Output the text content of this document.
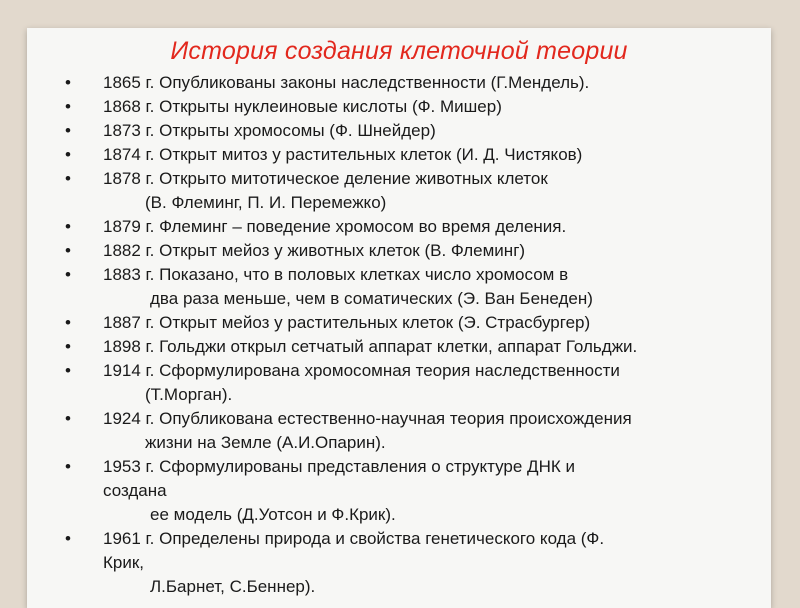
История создания клеточной теории
• 1865 г. Опубликованы законы наследственности (Г.Мендель).
• 1868 г. Открыты нуклеиновые кислоты (Ф. Мишер)
• 1873 г. Открыты хромосомы (Ф. Шнейдер)
• 1874 г. Открыт митоз у растительных клеток (И. Д. Чистяков)
• 1878 г. Открыто митотическое деление животных клеток
(В. Флеминг, П. И. Перемежко)
• 1879 г. Флеминг – поведение хромосом во время деления.
• 1882 г. Открыт мейоз у животных клеток (В. Флеминг)
• 1883 г. Показано, что в половых клетках число хромосом в
два раза меньше, чем в соматических (Э. Ван Бенеден)
• 1887 г. Открыт мейоз у растительных клеток (Э. Страсбургер)
• 1898 г. Гольджи открыл сетчатый аппарат клетки, аппарат Гольджи.
• 1914 г. Сформулирована хромосомная теория наследственности
(Т.Морган).
• 1924 г. Опубликована естественно-научная теория происхождения
жизни на Земле (А.И.Опарин).
• 1953 г. Сформулированы представления о структуре ДНК и
создана
ее модель (Д.Уотсон и Ф.Крик).
• 1961 г. Определены природа и свойства генетического кода (Ф.
Крик,
Л.Барнет, С.Беннер).
